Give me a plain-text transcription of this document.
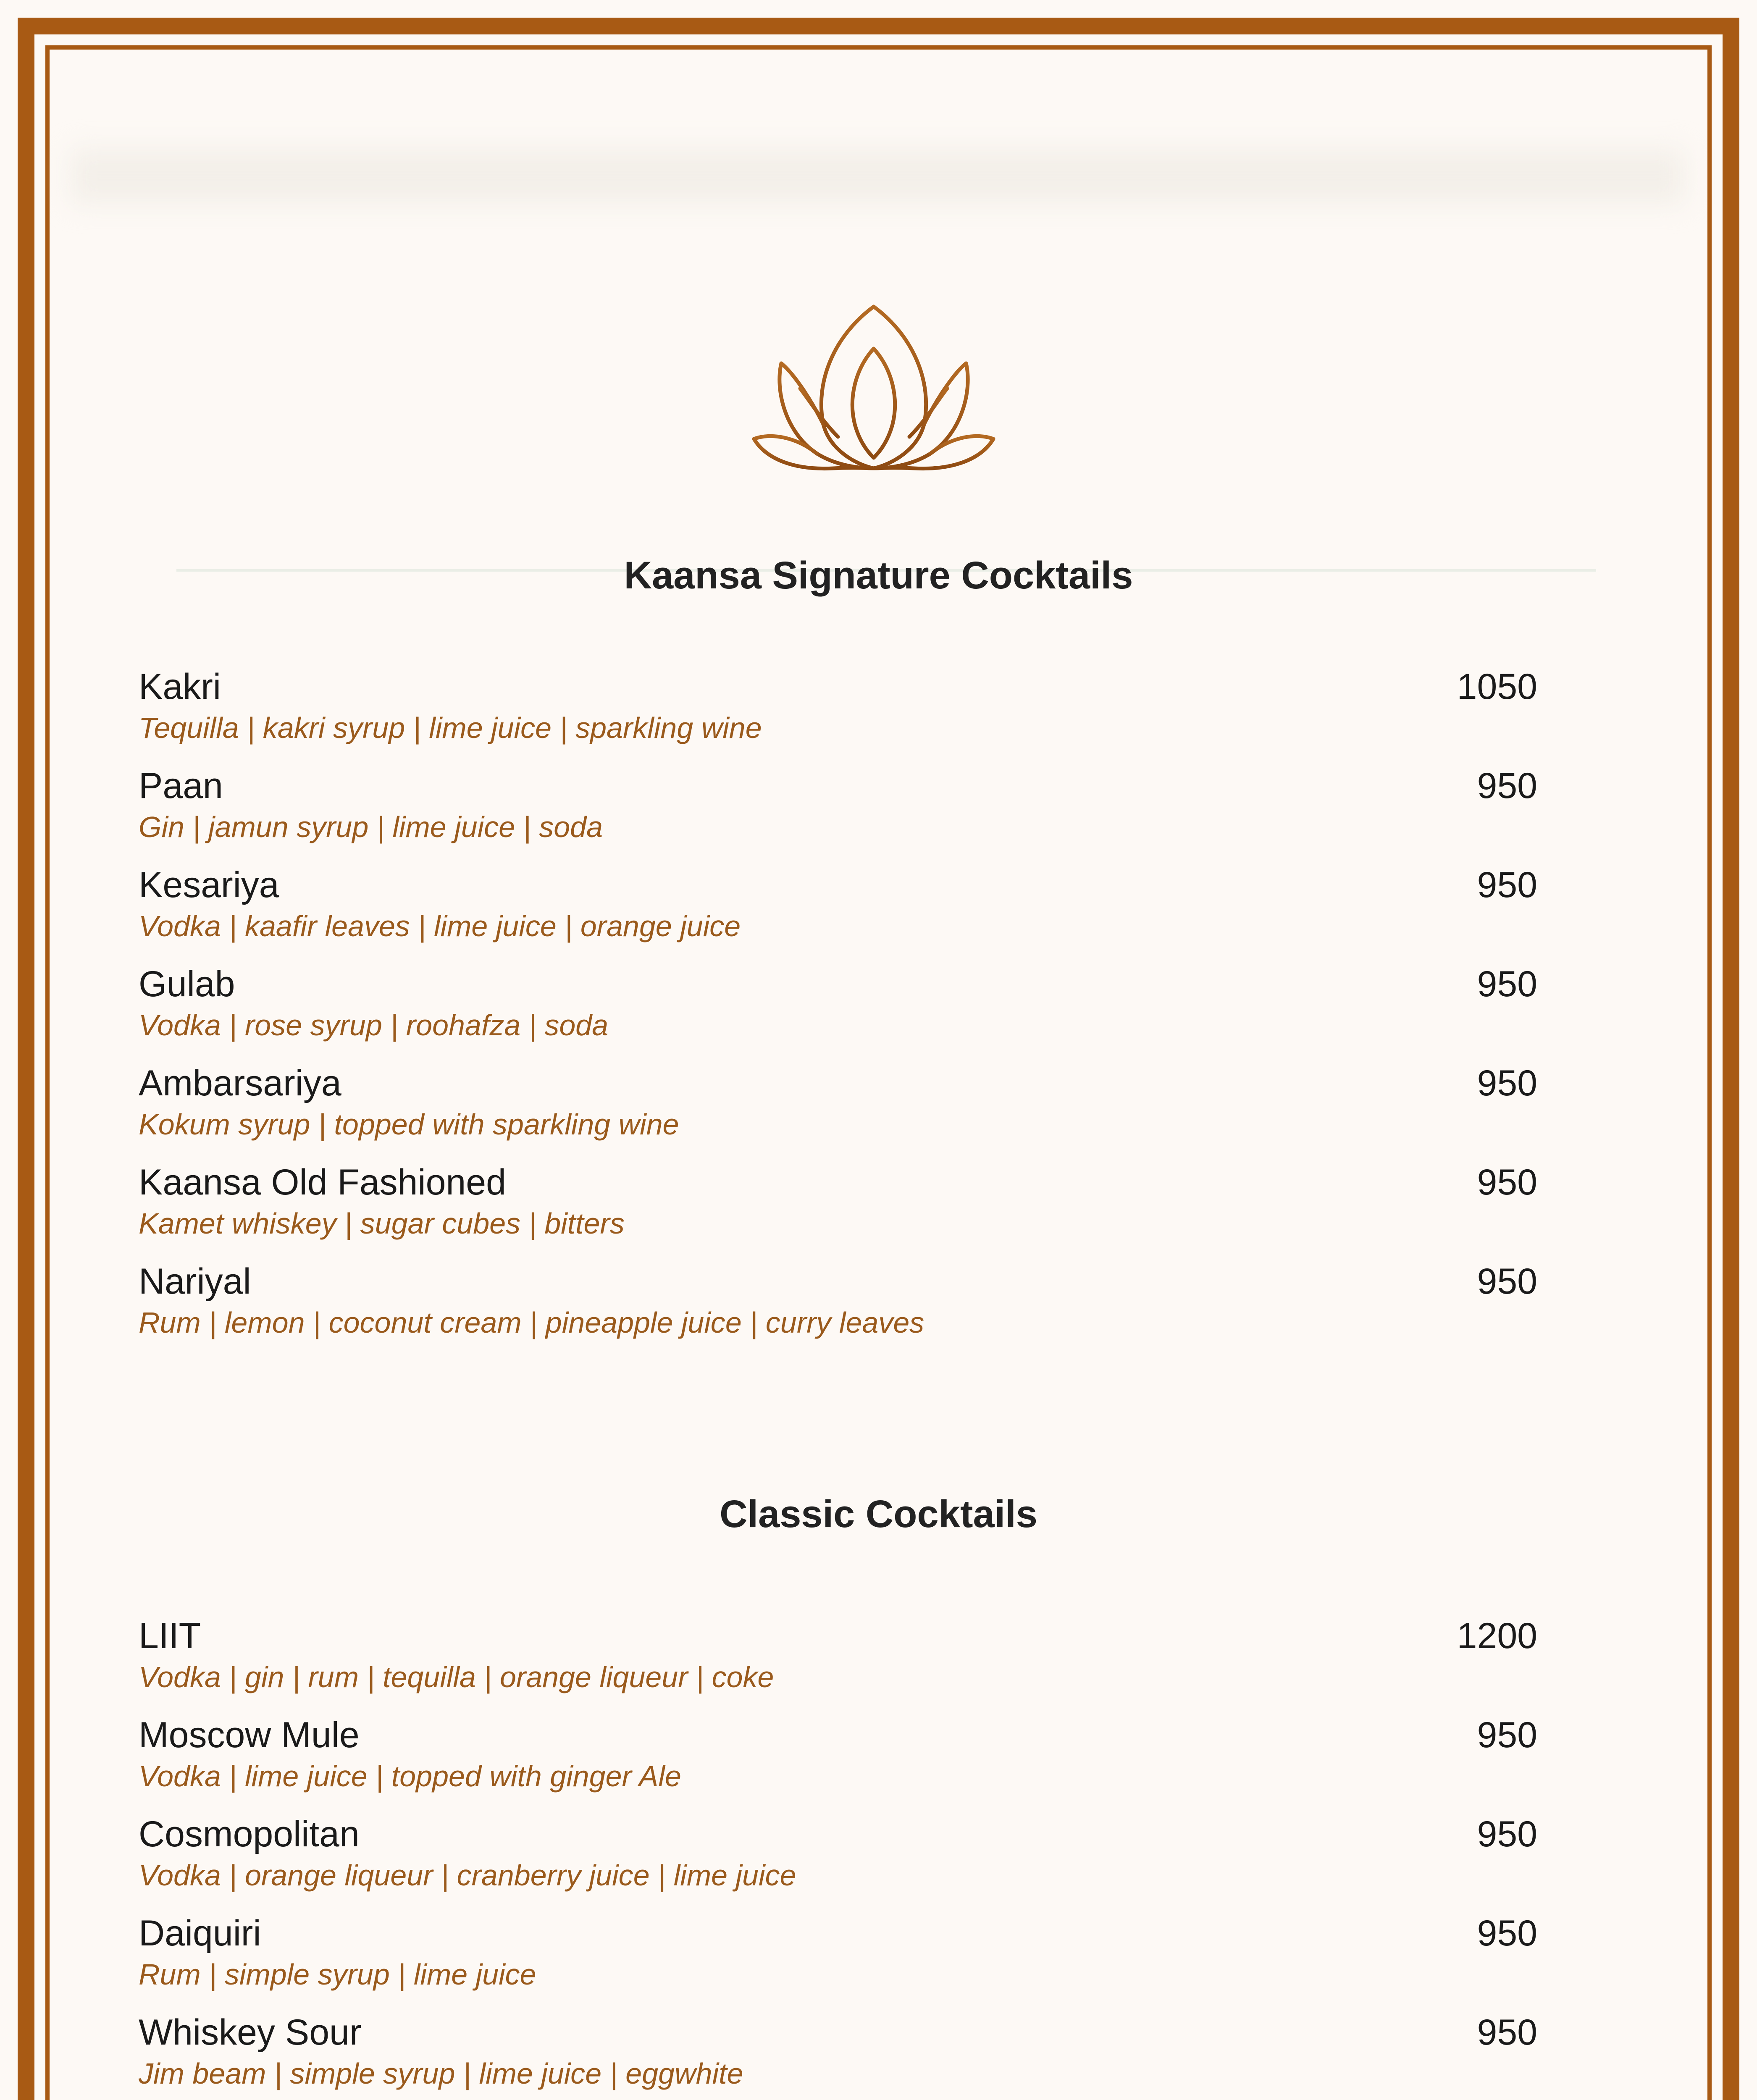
Kaansa Signature Cocktails
Kakri	1050
Tequilla | kakri syrup | lime juice | sparkling wine
Paan	950
Gin | jamun syrup | lime juice | soda
Kesariya	950
Vodka | kaafir leaves | lime juice | orange juice
Gulab	950
Vodka | rose syrup | roohafza | soda
Ambarsariya	950
Kokum syrup | topped with sparkling wine
Kaansa Old Fashioned	950
Kamet whiskey | sugar cubes | bitters
Nariyal	950
Rum | lemon | coconut cream | pineapple juice | curry leaves
Classic Cocktails
LIIT	1200
Vodka | gin | rum | tequilla | orange liqueur | coke
Moscow Mule	950
Vodka | lime juice | topped with ginger Ale
Cosmopolitan	950
Vodka | orange liqueur | cranberry juice | lime juice
Daiquiri	950
Rum | simple syrup | lime juice
Whiskey Sour	950
Jim beam | simple syrup | lime juice | eggwhite
